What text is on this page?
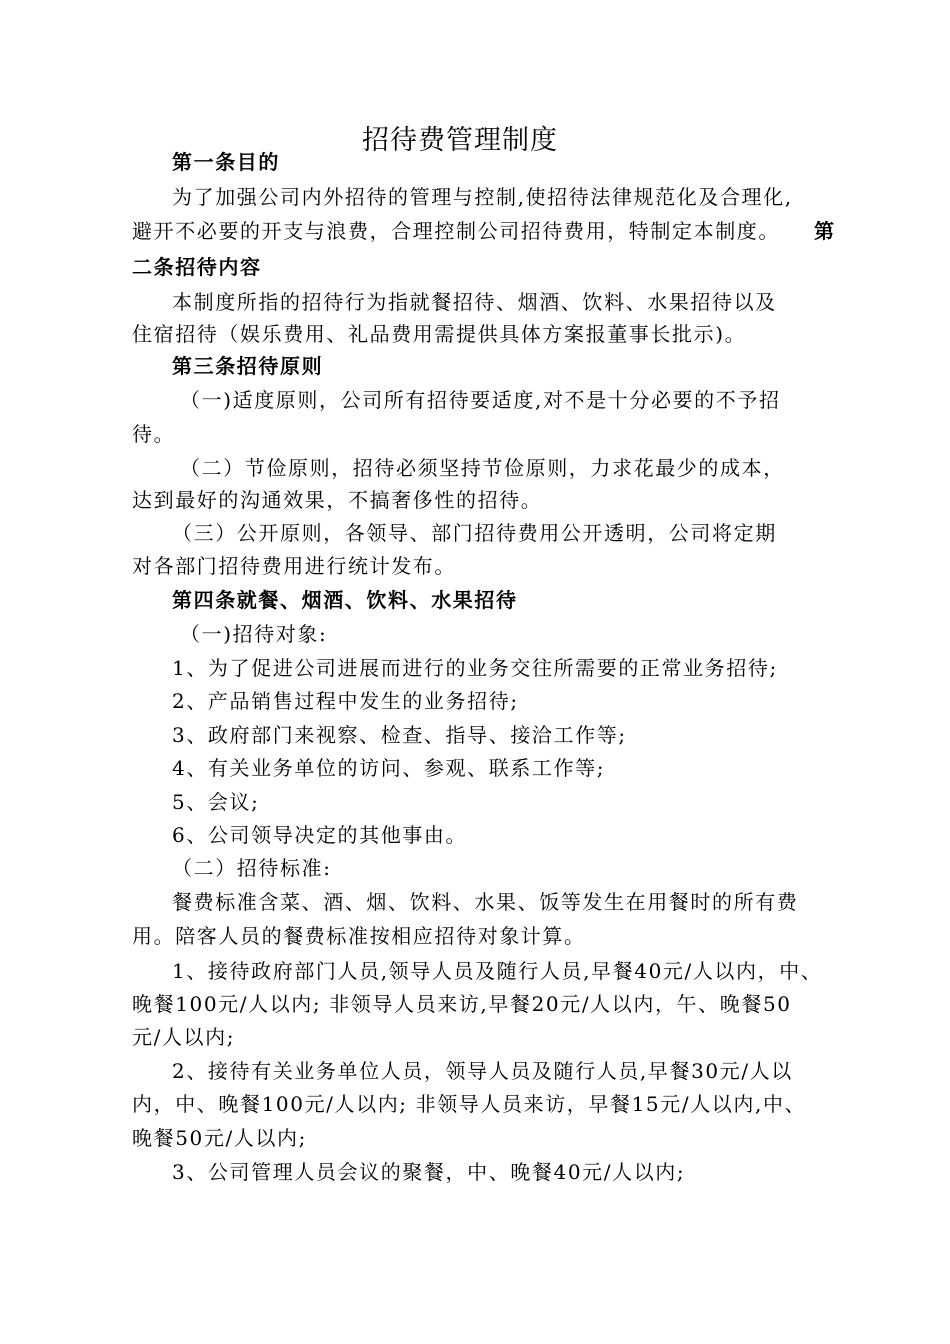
招待费管理制度
第一条目的
为了加强公司内外招待的管理与控制,使招待法律规范化及合理化,
避开不必要的开支与浪费，合理控制公司招待费用，特制定本制度。 第
二条招待内容
本制度所指的招待行为指就餐招待、烟酒、饮料、水果招待以及
住宿招待（娱乐费用、礼品费用需提供具体方案报董事长批示)。
第三条招待原则
（一)适度原则，公司所有招待要适度,对不是十分必要的不予招
待。
（二）节俭原则，招待必须坚持节俭原则，力求花最少的成本，
达到最好的沟通效果，不搞奢侈性的招待。
（三）公开原则，各领导、部门招待费用公开透明，公司将定期
对各部门招待费用进行统计发布。
第四条就餐、烟酒、饮料、水果招待
（一)招待对象:
1、为了促进公司进展而进行的业务交往所需要的正常业务招待;
2、产品销售过程中发生的业务招待;
3、政府部门来视察、检查、指导、接洽工作等;
4、有关业务单位的访问、参观、联系工作等;
5、会议;
6、公司领导决定的其他事由。
（二）招待标准:
餐费标准含菜、酒、烟、饮料、水果、饭等发生在用餐时的所有费
用。陪客人员的餐费标准按相应招待对象计算。
1、接待政府部门人员,领导人员及随行人员,早餐40元/人以内，中、
晚餐100元/人以内; 非领导人员来访,早餐20元/人以内，午、晚餐50
元/人以内;
2、接待有关业务单位人员，领导人员及随行人员,早餐30元/人以
内，中、晚餐100元/人以内; 非领导人员来访，早餐15元/人以内,中、
晚餐50元/人以内;
3、公司管理人员会议的聚餐，中、晚餐40元/人以内;
